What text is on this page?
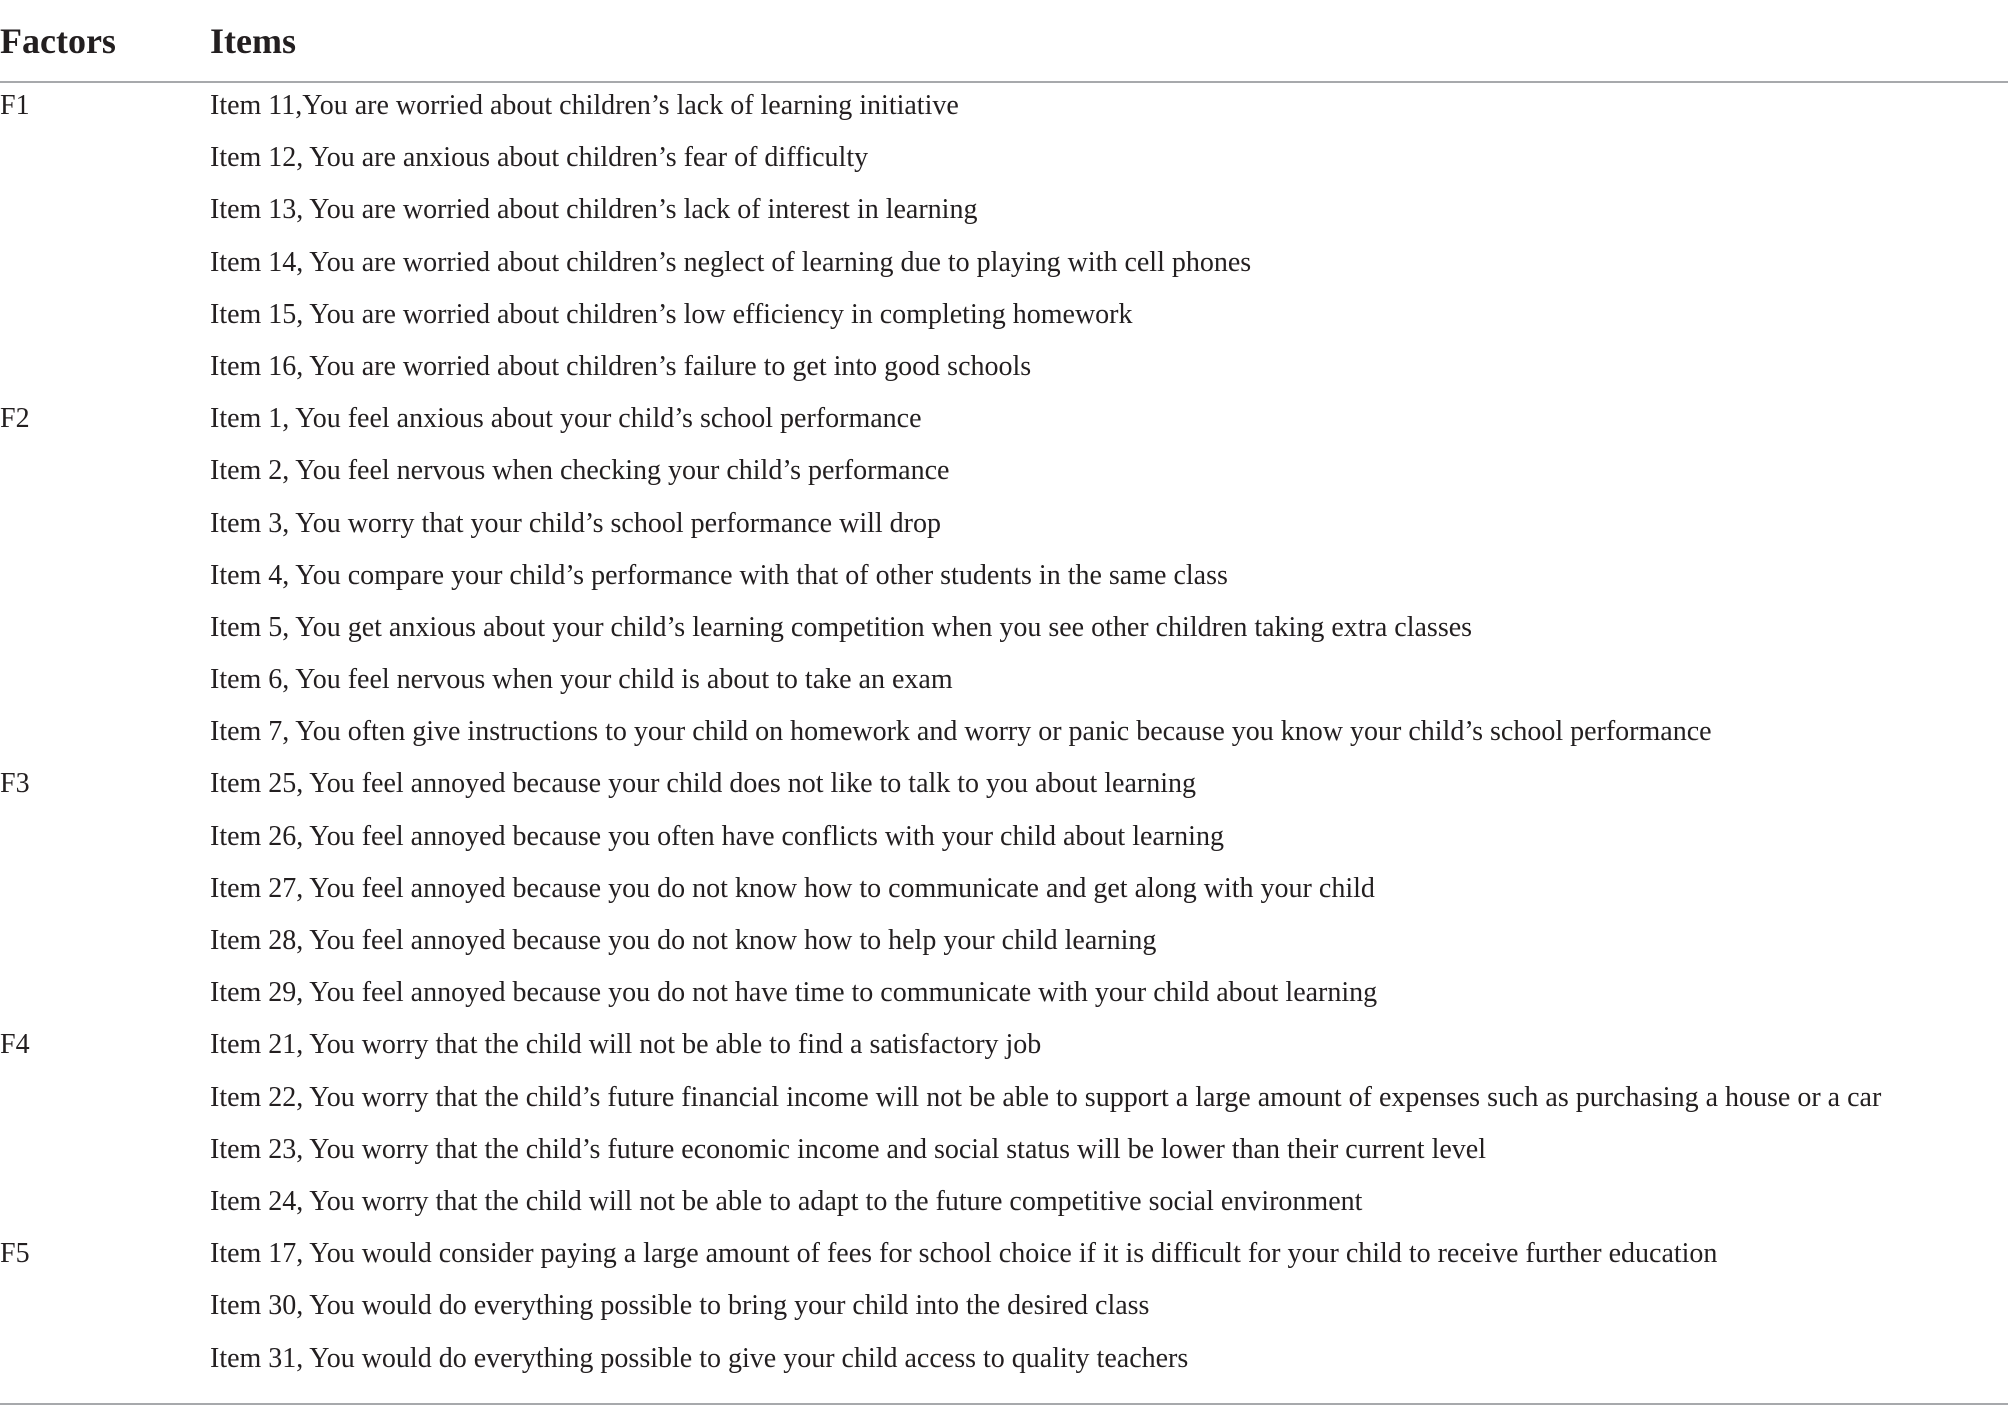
Factors	Items
F1	Item 11,You are worried about children’s lack of learning initiative
Item 12, You are anxious about children’s fear of difficulty
Item 13, You are worried about children’s lack of interest in learning
Item 14, You are worried about children’s neglect of learning due to playing with cell phones
Item 15, You are worried about children’s low efficiency in completing homework
Item 16, You are worried about children’s failure to get into good schools
F2	Item 1, You feel anxious about your child’s school performance
Item 2, You feel nervous when checking your child’s performance
Item 3, You worry that your child’s school performance will drop
Item 4, You compare your child’s performance with that of other students in the same class
Item 5, You get anxious about your child’s learning competition when you see other children taking extra classes
Item 6, You feel nervous when your child is about to take an exam
Item 7, You often give instructions to your child on homework and worry or panic because you know your child’s school performance
F3	Item 25, You feel annoyed because your child does not like to talk to you about learning
Item 26, You feel annoyed because you often have conflicts with your child about learning
Item 27, You feel annoyed because you do not know how to communicate and get along with your child
Item 28, You feel annoyed because you do not know how to help your child learning
Item 29, You feel annoyed because you do not have time to communicate with your child about learning
F4	Item 21, You worry that the child will not be able to find a satisfactory job
Item 22, You worry that the child’s future financial income will not be able to support a large amount of expenses such as purchasing a house or a car
Item 23, You worry that the child’s future economic income and social status will be lower than their current level
Item 24, You worry that the child will not be able to adapt to the future competitive social environment
F5	Item 17, You would consider paying a large amount of fees for school choice if it is difficult for your child to receive further education
Item 30, You would do everything possible to bring your child into the desired class
Item 31, You would do everything possible to give your child access to quality teachers
